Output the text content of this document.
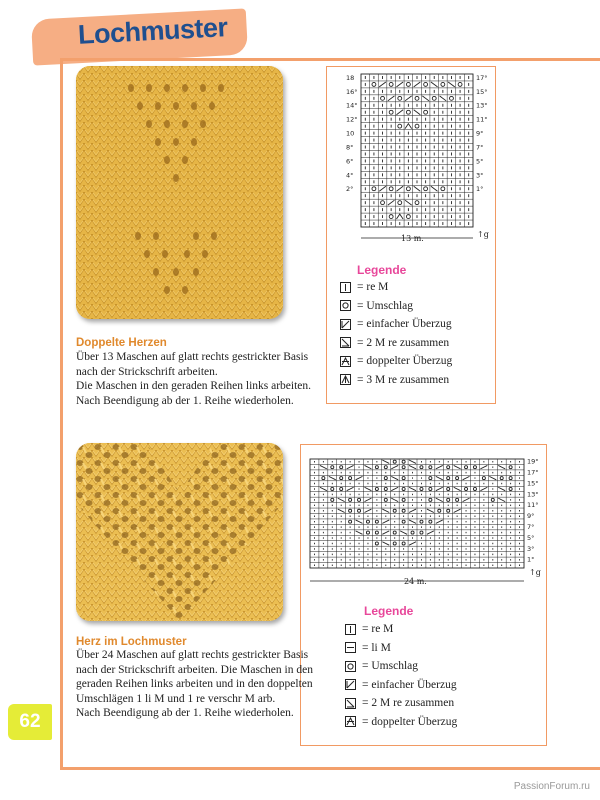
Lochmuster
62
17°
15°
13°
11°
9°
7°
5°
3°
1°
18
16°
14°
12°
10
8°
6°
4°
2°
13 m.	↑g
Legende
= re M
= Umschlag
= einfacher Überzug
= 2 M re zusammen
= doppelter Überzug
= 3 M re zusammen
Doppelte Herzen
Über 13 Maschen auf glatt rechts gestrickter Basis
nach der Strickschrift arbeiten.
Die Maschen in den geraden Reihen links arbeiten.
Nach Beendigung ab der 1. Reihe wiederholen.
19°
17°
15°
13°
11°
9°
7°
5°
3°
1°
24 m.
↑g
Legende
= re M
= li M
= Umschlag
= einfacher Überzug
= 2 M re zusammen
= doppelter Überzug
Herz im Lochmuster
Über 24 Maschen auf glatt rechts gestrickter Basis
nach der Strickschrift arbeiten. Die Maschen in den
geraden Reihen links arbeiten und in den doppelten
Umschlägen 1 li M und 1 re verschr M arb.
Nach Beendigung ab der 1. Reihe wiederholen.
PassionForum.ru
